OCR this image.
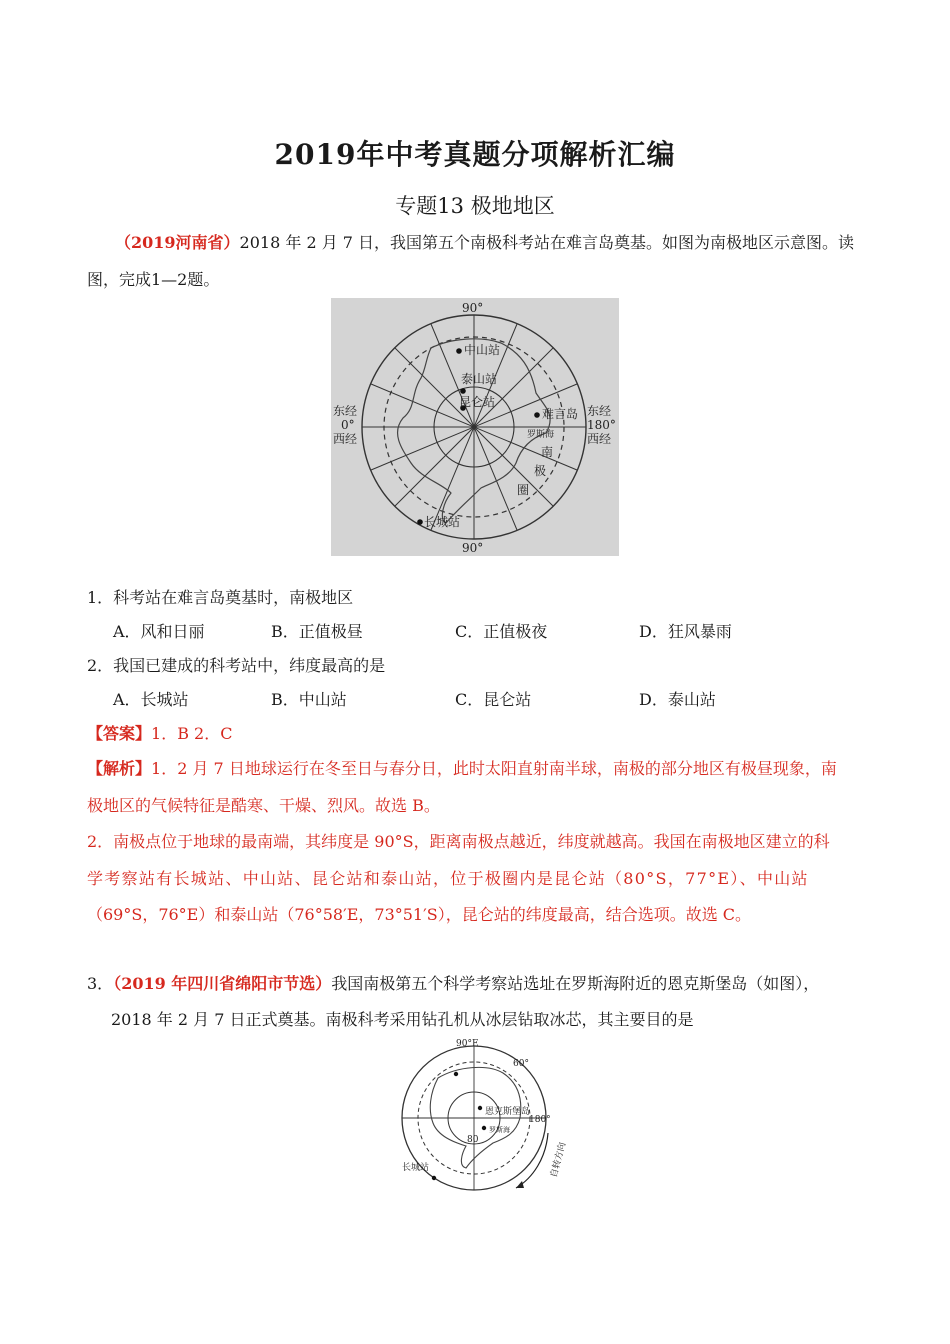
2019年中考真题分项解析汇编
专题13 极地地区
（2019河南省）2018 年 2 月 7 日，我国第五个南极科考站在难言岛奠基。如图为南极地区示意图。读
图，完成1—2题。
90°
90°
东经
0°
西经
东经
180°
西经
中山站
泰山站
昆仑站
难言岛
长城站
罗斯海
南
极
圈
1．科考站在难言岛奠基时，南极地区
A．风和日丽	B．正值极昼	C．正值极夜	D．狂风暴雨
2．我国已建成的科考站中，纬度最高的是
A．长城站	B．中山站	C．昆仑站	D．泰山站
【答案】1．B 2．C
【解析】1．2 月 7 日地球运行在冬至日与春分日，此时太阳直射南半球，南极的部分地区有极昼现象，南
极地区的气候特征是酷寒、干燥、烈风。故选 B。
2．南极点位于地球的最南端，其纬度是 90°S，距离南极点越近，纬度就越高。我国在南极地区建立的科
学考察站有长城站、中山站、昆仑站和泰山站，位于极圈内是昆仑站（80°S，77°E）、中山站
（69°S，76°E）和泰山站（76°58′E，73°51′S），昆仑站的纬度最高，结合选项。故选 C。
3．（2019 年四川省绵阳市节选）我国南极第五个科学考察站选址在罗斯海附近的恩克斯堡岛（如图），
2018 年 2 月 7 日正式奠基。南极科考采用钻孔机从冰层钻取冰芯，其主要目的是
90°E
60°
180°
80
恩克斯堡岛
罗斯海
长城站	自转方向
